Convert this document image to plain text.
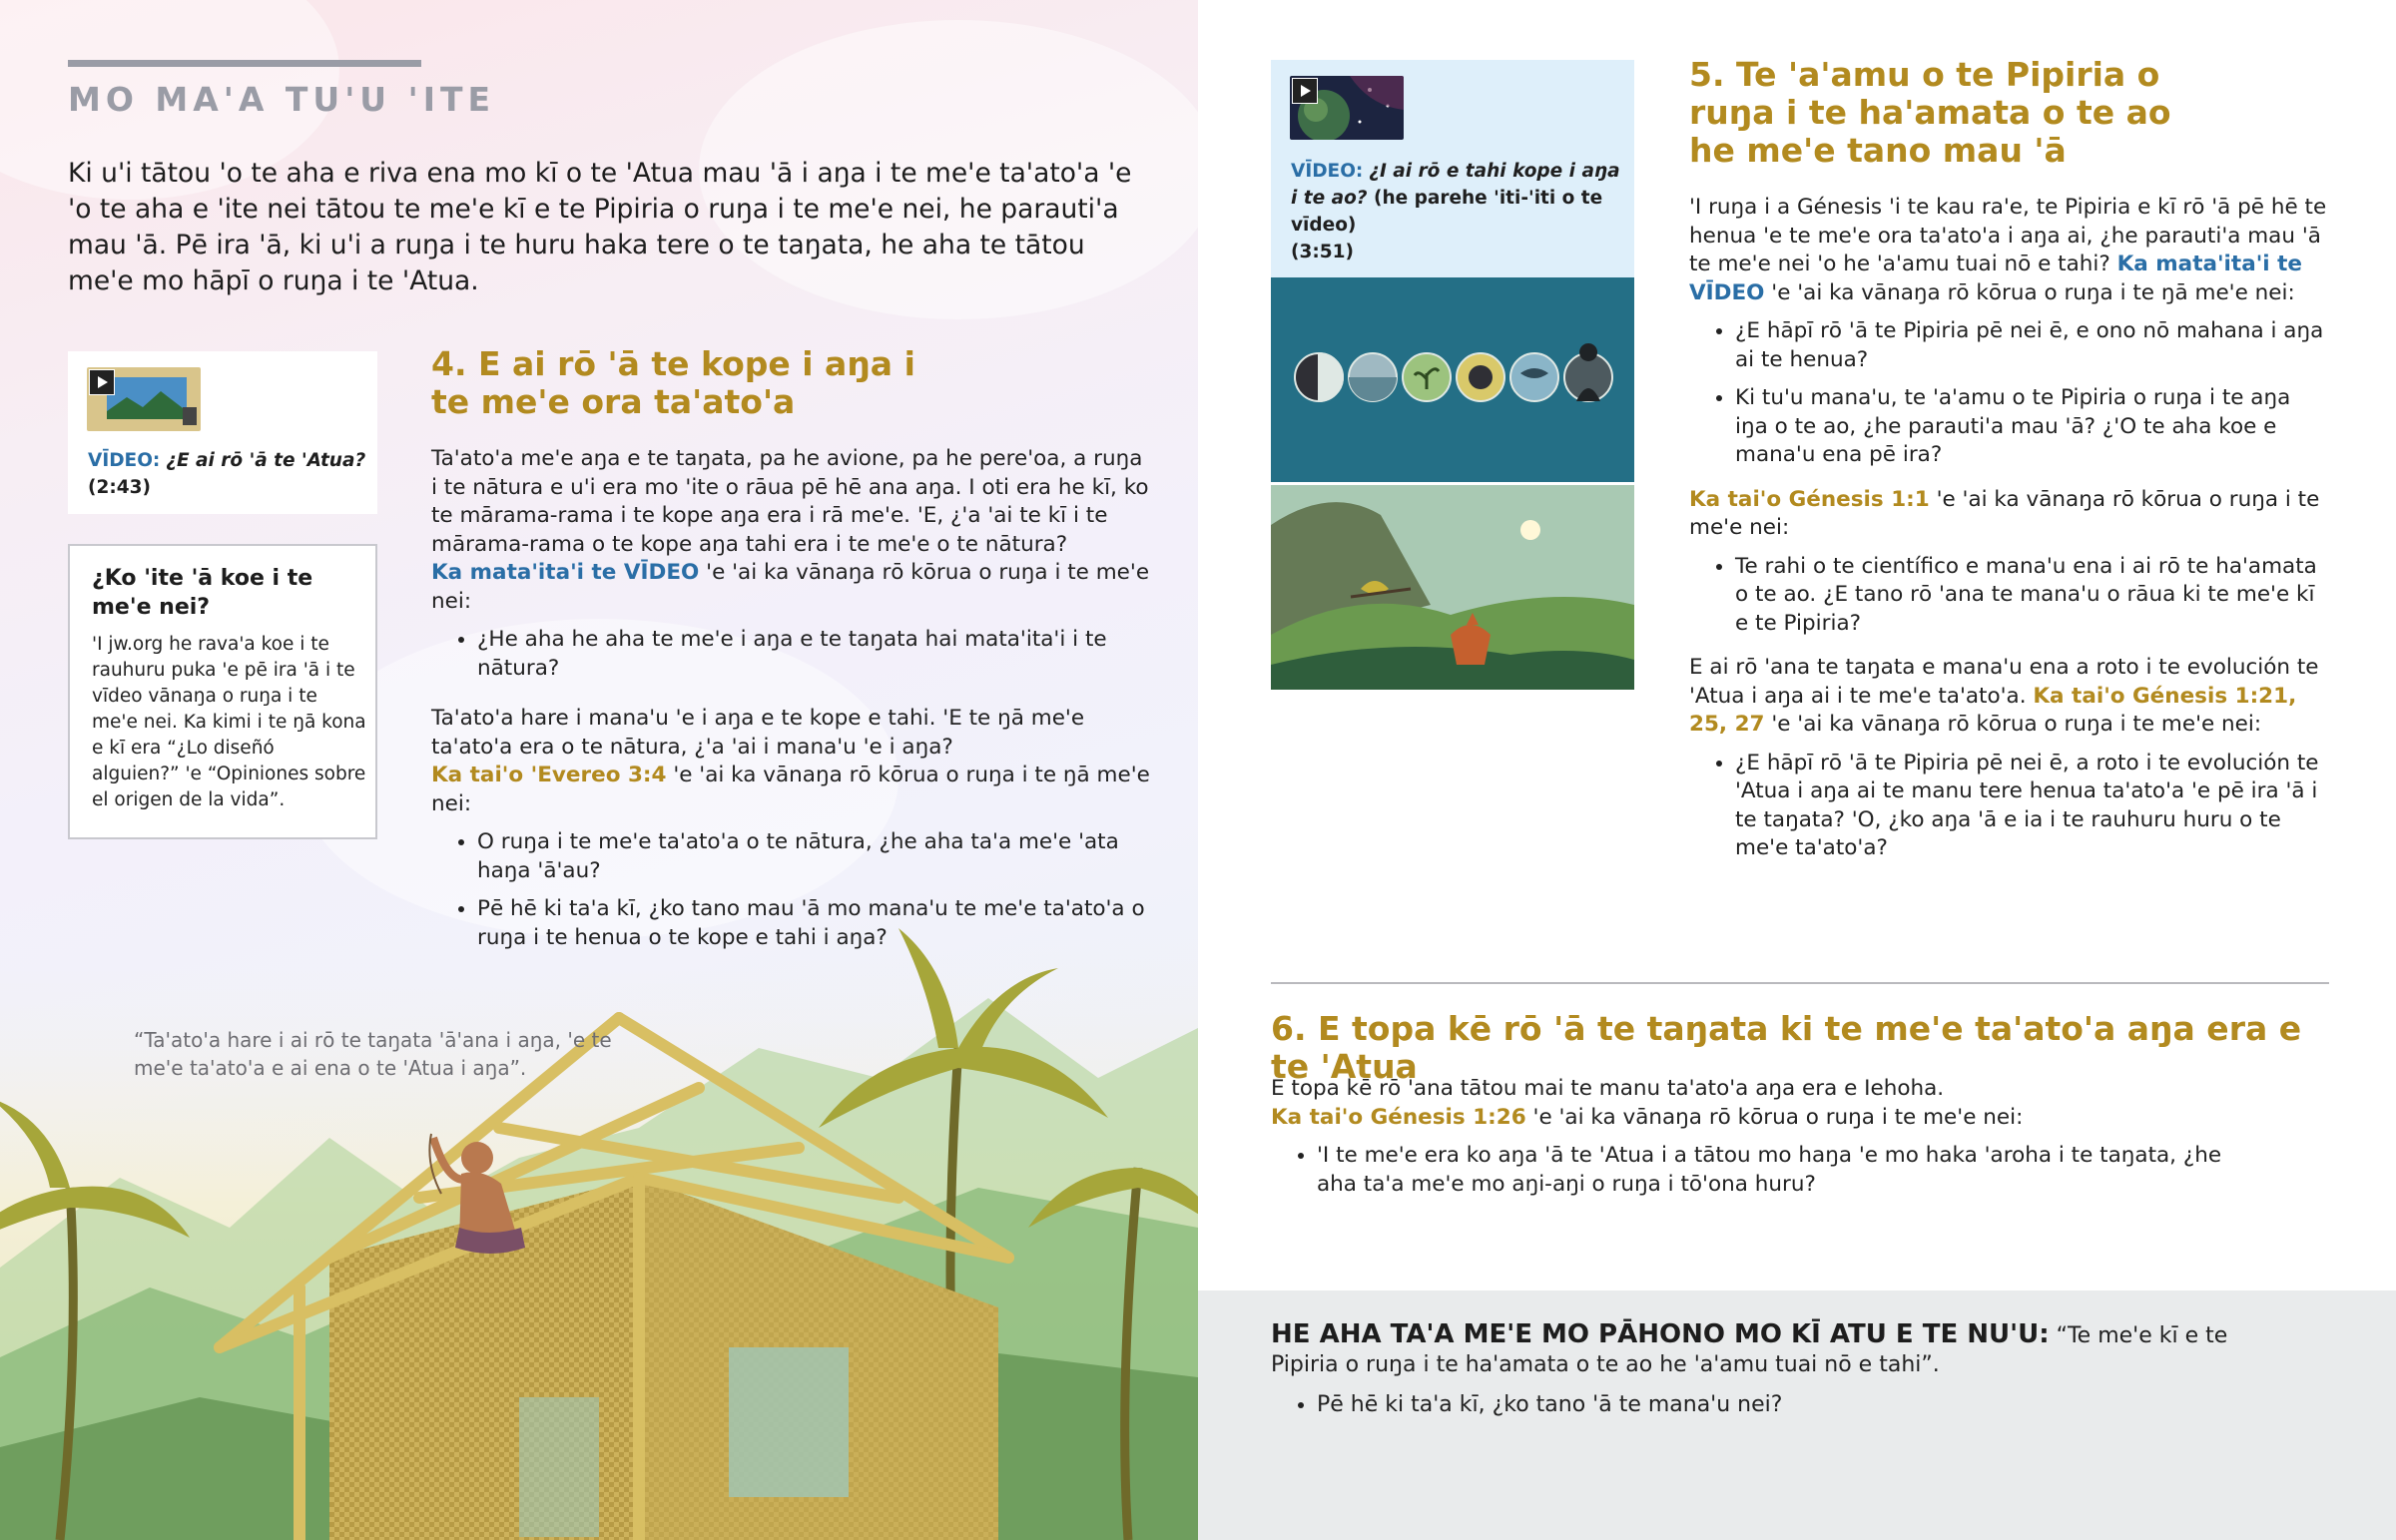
MO MA'A TU'U 'ITE
Ki u'i tātou 'o te aha e riva ena mo kī o te 'Atua mau 'ā i aŋa i te me'e ta'ato'a 'e 'o te aha e 'ite nei tātou te me'e kī e te Pipiria o ruŋa i te me'e nei, he parauti'a mau 'ā. Pē ira 'ā, ki u'i a ruŋa i te huru haka tere o te taŋata, he aha te tātou me'e mo hāpī o ruŋa i te 'Atua.
VĪDEO: ¿E ai rō 'ā te 'Atua?
(2:43)
¿Ko 'ite 'ā koe i te me'e nei?
'I jw.org he rava'a koe i te rauhuru puka 'e pē ira 'ā i te vīdeo vānaŋa o ruŋa i te me'e nei. Ka kimi i te ŋā kona e kī era “¿Lo diseñó alguien?” 'e “Opiniones sobre el origen de la vida”.
4. E ai rō 'ā te kope i aŋa i te me'e ora ta'ato'a

Ta'ato'a me'e aŋa e te taŋata, pa he avione, pa he pere'oa, a ruŋa i te nātura e u'i era mo 'ite o rāua pē hē ana aŋa. I oti era he kī, ko te mārama-rama i te kope aŋa era i rā me'e. 'E, ¿'a 'ai te kī i te mārama-rama o te kope aŋa tahi era i te me'e o te nātura?
Ka mata'ita'i te VĪDEO 'e 'ai ka vānaŋa rō kōrua o ruŋa i te me'e nei:

• ¿He aha he aha te me'e i aŋa e te taŋata hai mata'ita'i i te nātura?

Ta'ato'a hare i mana'u 'e i aŋa e te kope e tahi. 'E te ŋā me'e ta'ato'a era o te nātura, ¿'a 'ai i mana'u 'e i aŋa?
Ka tai'o 'Evereo 3:4 'e 'ai ka vānaŋa rō kōrua o ruŋa i te ŋā me'e nei:

• O ruŋa i te me'e ta'ato'a o te nātura, ¿he aha ta'a me'e 'ata haŋa 'ā'au?
• Pē hē ki ta'a kī, ¿ko tano mau 'ā mo mana'u te me'e ta'ato'a o ruŋa i te henua o te kope e tahi i aŋa?
“Ta'ato'a hare i ai rō te taŋata 'ā'ana i aŋa, 'e te me'e ta'ato'a e ai ena o te 'Atua i aŋa”.
VĪDEO: ¿I ai rō e tahi kope i aŋa i te ao? (he parehe 'iti-'iti o te vīdeo)
(3:51)
5. Te 'a'amu o te Pipiria o ruŋa i te ha'amata o te ao he me'e tano mau 'ā

'I ruŋa i a Génesis 'i te kau ra'e, te Pipiria e kī rō 'ā pē hē te henua 'e te me'e ora ta'ato'a i aŋa ai, ¿he parauti'a mau 'ā te me'e nei 'o he 'a'amu tuai nō e tahi? Ka mata'ita'i te VĪDEO 'e 'ai ka vānaŋa rō kōrua o ruŋa i te ŋā me'e nei:

• ¿E hāpī rō 'ā te Pipiria pē nei ē, e ono nō mahana i aŋa ai te henua?
• Ki tu'u mana'u, te 'a'amu o te Pipiria o ruŋa i te aŋa iŋa o te ao, ¿he parauti'a mau 'ā? ¿'O te aha koe e mana'u ena pē ira?

Ka tai'o Génesis 1:1 'e 'ai ka vānaŋa rō kōrua o ruŋa i te me'e nei:

• Te rahi o te científico e mana'u ena i ai rō te ha'amata o te ao. ¿E tano rō 'ana te mana'u o rāua ki te me'e kī e te Pipiria?

E ai rō 'ana te taŋata e mana'u ena a roto i te evolución te 'Atua i aŋa ai i te me'e ta'ato'a. Ka tai'o Génesis 1:21, 25, 27 'e 'ai ka vānaŋa rō kōrua o ruŋa i te me'e nei:

• ¿E hāpī rō 'ā te Pipiria pē nei ē, a roto i te evolución te 'Atua i aŋa ai te manu tere henua ta'ato'a 'e pē ira 'ā i te taŋata? 'O, ¿ko aŋa 'ā e ia i te rauhuru huru o te me'e ta'ato'a?
6. E topa kē rō 'ā te taŋata ki te me'e ta'ato'a aŋa era e te 'Atua

E topa kē rō 'ana tātou mai te manu ta'ato'a aŋa era e Iehoha.
Ka tai'o Génesis 1:26 'e 'ai ka vānaŋa rō kōrua o ruŋa i te me'e nei:

• 'I te me'e era ko aŋa 'ā te 'Atua i a tātou mo haŋa 'e mo haka 'aroha i te taŋata, ¿he aha ta'a me'e mo aŋi-aŋi o ruŋa i tō'ona huru?
HE AHA TA'A ME'E MO PĀHONO MO KĪ ATU E TE NU'U: “Te me'e kī e te Pipiria o ruŋa i te ha'amata o te ao he 'a'amu tuai nō e tahi”.
• Pē hē ki ta'a kī, ¿ko tano 'ā te mana'u nei?
